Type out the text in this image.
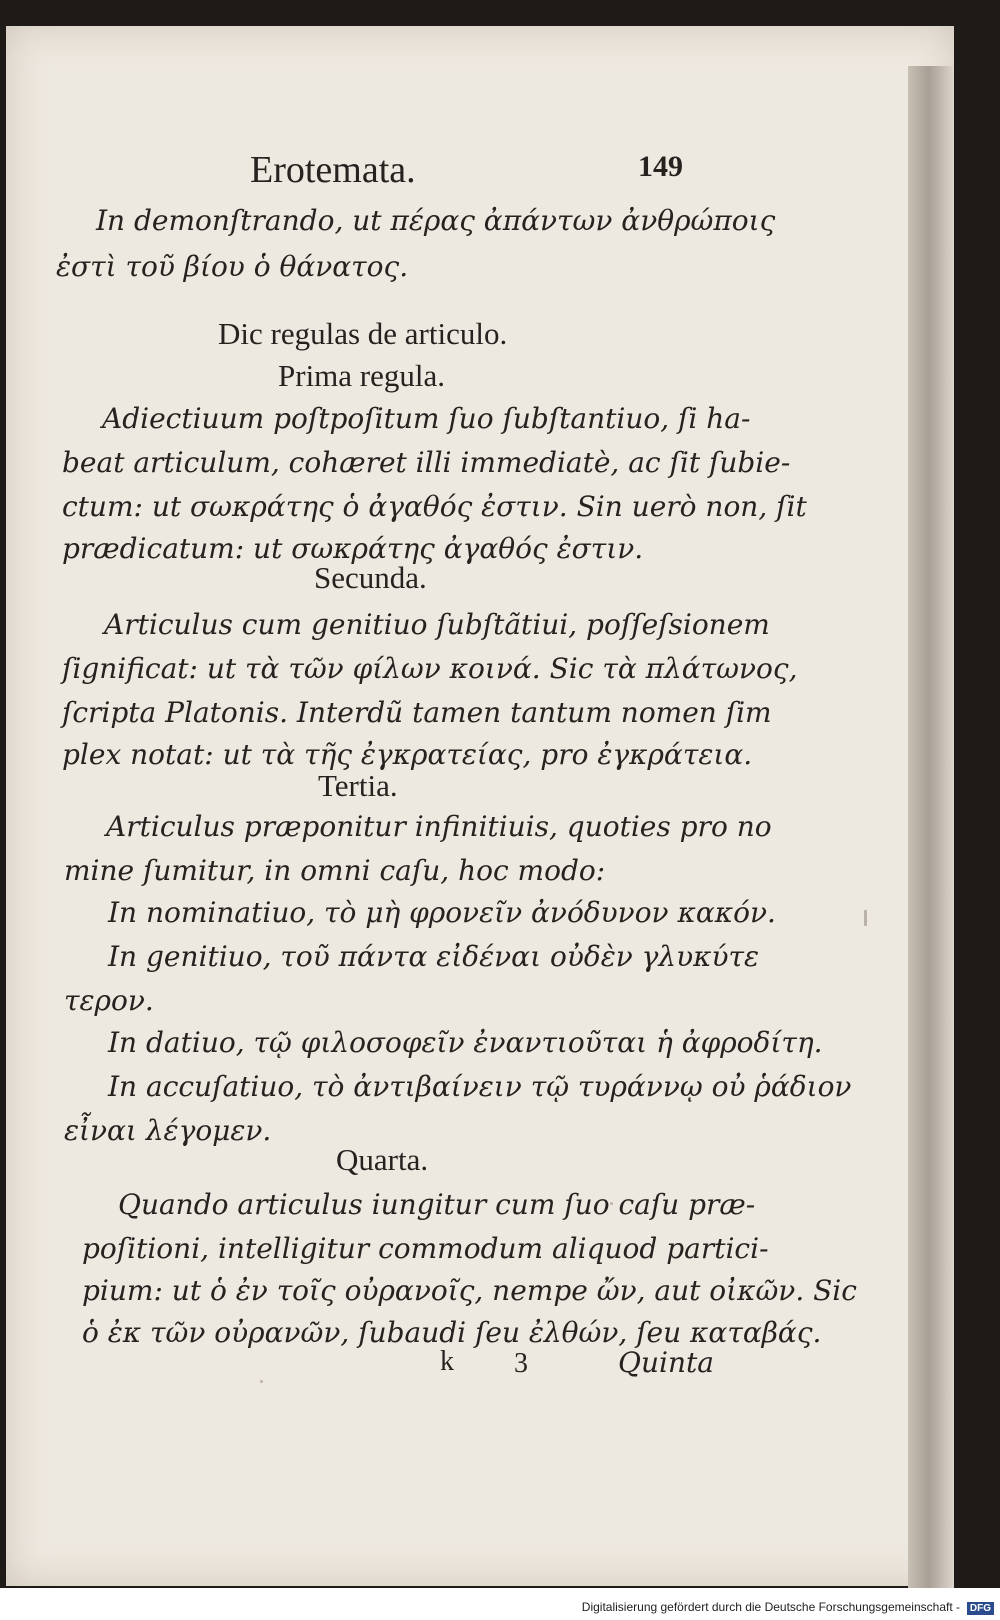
Erotemata.	149
In demonſtrando, ut πέρας ἀπάντων ἀνθρώποις
ἐστὶ τοῦ βίου ὁ θάνατος.
Dic regulas de articulo.
Prima regula.
Adiectiuum poſtpoſitum ſuo ſubſtantiuo, ſi ha-
beat articulum, cohæret illi immediatè, ac ſit ſubie-
ctum: ut σωκράτης ὁ ἀγαθός ἐστιν. Sin uerò non, ſit
prædicatum: ut σωκράτης ἀγαθός ἐστιν.
Secunda.
Articulus cum genitiuo ſubſtãtiui, poſſeſsionem
ſignificat: ut τὰ τῶν φίλων κοινά. Sic τὰ πλάτωνος,
ſcripta Platonis. Interdũ tamen tantum nomen ſim
plex notat: ut τὰ τῆς ἐγκρατείας, pro ἐγκράτεια.
Tertia.
Articulus præponitur infinitiuis, quoties pro no
mine ſumitur, in omni caſu, hoc modo:
In nominatiuo, τὸ μὴ φρονεῖν ἀνόδυνον κακόν.
In genitiuo, τοῦ πάντα εἰδέναι οὐδὲν γλυκύτε
τερον.
In datiuo, τῷ φιλοσοφεῖν ἐναντιοῦται ἡ ἀφροδίτη.
In accuſatiuo, τὸ ἀντιβαίνειν τῷ τυράννῳ οὐ ῥάδιον
εἶναι λέγομεν.
Quarta.
Quando articulus iungitur cum ſuo caſu præ-
poſitioni, intelligitur commodum aliquod partici-
pium: ut ὁ ἐν τοῖς οὐρανοῖς, nempe ὤν, aut οἰκῶν. Sic
ὁ ἐκ τῶν οὐρανῶν, ſubaudi ſeu ἐλθών, ſeu καταβάς.
k 3	Quinta
Digitalisierung gefördert durch die Deutsche Forschungsgemeinschaft - DFG
